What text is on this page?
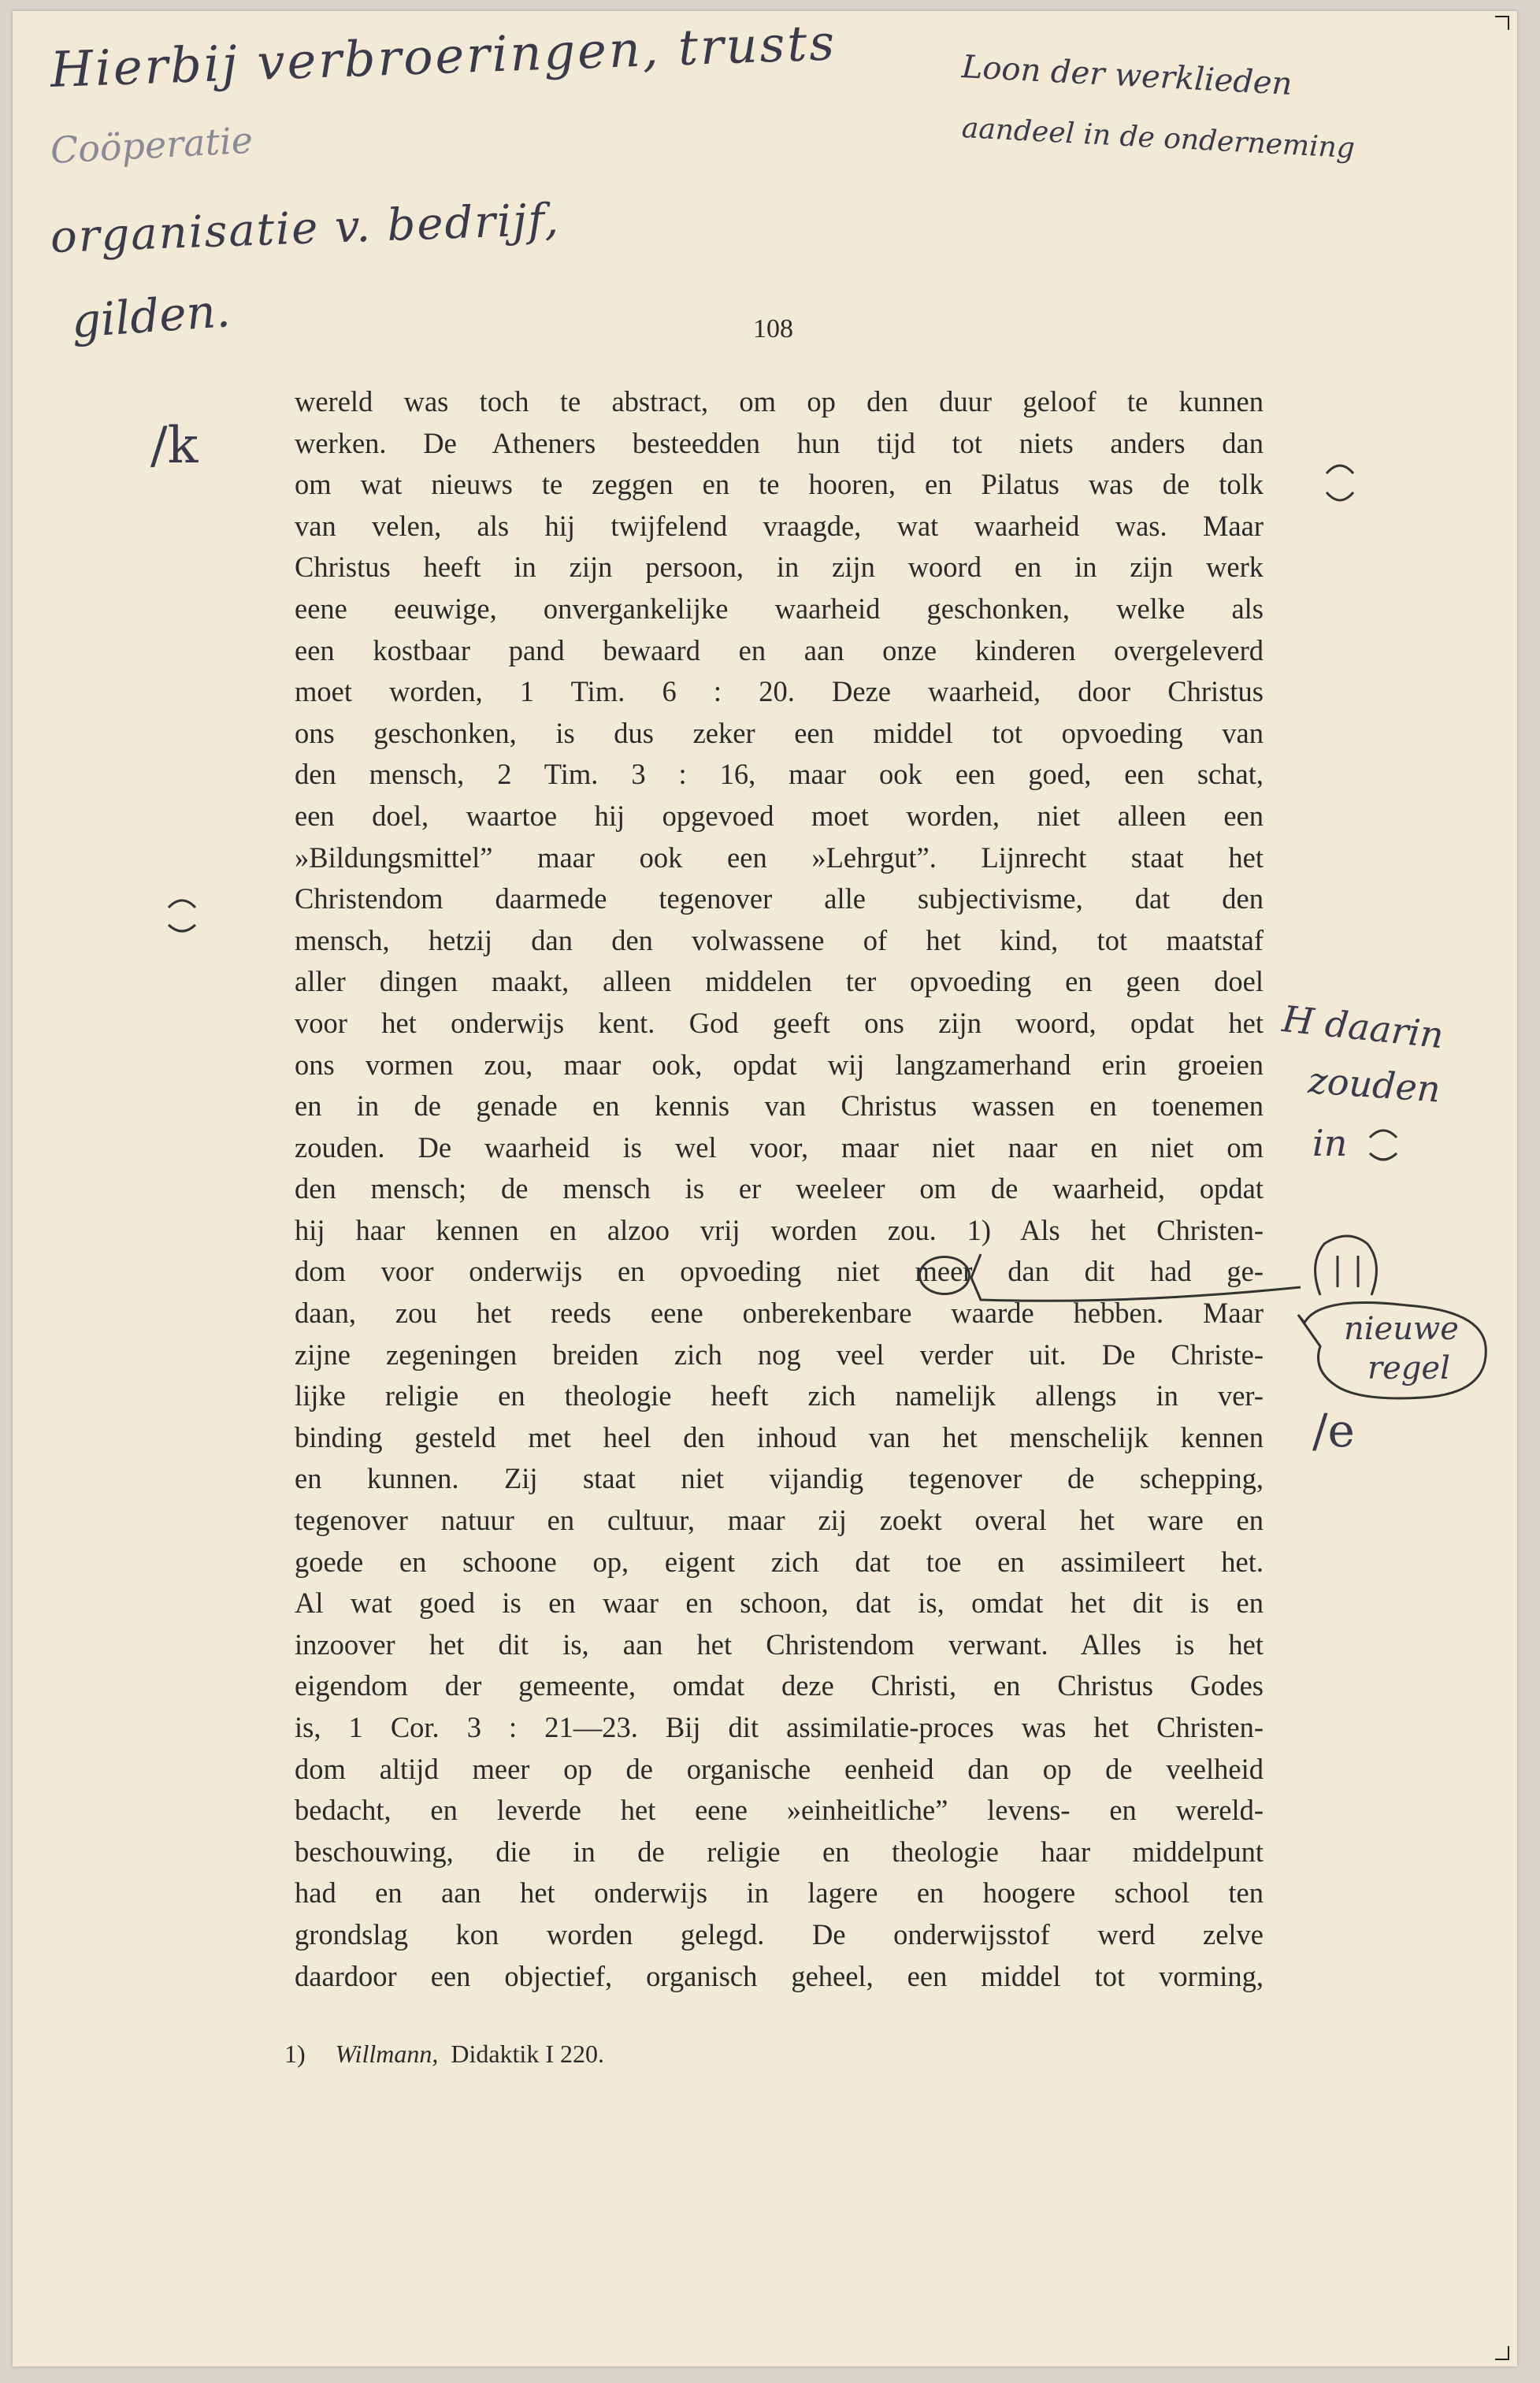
Hierbij verbroeringen, trusts
Coöperatie
organisatie v. bedrijf,
gilden.
Loon der werklieden
aandeel in de onderneming
108
/k
H daarin
zouden
in
nieuwe
regel
/e
wereld was toch te abstract, om op den duur geloof te kunnen
werken. De Atheners besteedden hun tijd tot niets anders dan
om wat nieuws te zeggen en te hooren, en Pilatus was de tolk
van velen, als hij twijfelend vraagde, wat waarheid was. Maar
Christus heeft in zijn persoon, in zijn woord en in zijn werk
eene eeuwige, onvergankelijke waarheid geschonken, welke als
een kostbaar pand bewaard en aan onze kinderen overgeleverd
moet worden, 1 Tim. 6 : 20. Deze waarheid, door Christus
ons geschonken, is dus zeker een middel tot opvoeding van
den mensch, 2 Tim. 3 : 16, maar ook een goed, een schat,
een doel, waartoe hij opgevoed moet worden, niet alleen een
»Bildungsmittel” maar ook een »Lehrgut”. Lijnrecht staat het
Christendom daarmede tegenover alle subjectivisme, dat den
mensch, hetzij dan den volwassene of het kind, tot maatstaf
aller dingen maakt, alleen middelen ter opvoeding en geen doel
voor het onderwijs kent. God geeft ons zijn woord, opdat het
ons vormen zou, maar ook, opdat wij langzamerhand erin groeien
en in de genade en kennis van Christus wassen en toenemen
zouden. De waarheid is wel voor, maar niet naar en niet om
den mensch; de mensch is er weeleer om de waarheid, opdat
hij haar kennen en alzoo vrij worden zou. 1) Als het Christen-
dom voor onderwijs en opvoeding niet meer dan dit had ge-
daan, zou het reeds eene onberekenbare waarde hebben. Maar
zijne zegeningen breiden zich nog veel verder uit. De Christe-
lijke religie en theologie heeft zich namelijk allengs in ver-
binding gesteld met heel den inhoud van het menschelijk kennen
en kunnen. Zij staat niet vijandig tegenover de schepping,
tegenover natuur en cultuur, maar zij zoekt overal het ware en
goede en schoone op, eigent zich dat toe en assimileert het.
Al wat goed is en waar en schoon, dat is, omdat het dit is en
inzoover het dit is, aan het Christendom verwant. Alles is het
eigendom der gemeente, omdat deze Christi, en Christus Godes
is, 1 Cor. 3 : 21—23. Bij dit assimilatie-proces was het Christen-
dom altijd meer op de organische eenheid dan op de veelheid
bedacht, en leverde het eene »einheitliche” levens- en wereld-
beschouwing, die in de religie en theologie haar middelpunt
had en aan het onderwijs in lagere en hoogere school ten
grondslag kon worden gelegd. De onderwijsstof werd zelve
daardoor een objectief, organisch geheel, een middel tot vorming,
1) Willmann, Didaktik I 220.
